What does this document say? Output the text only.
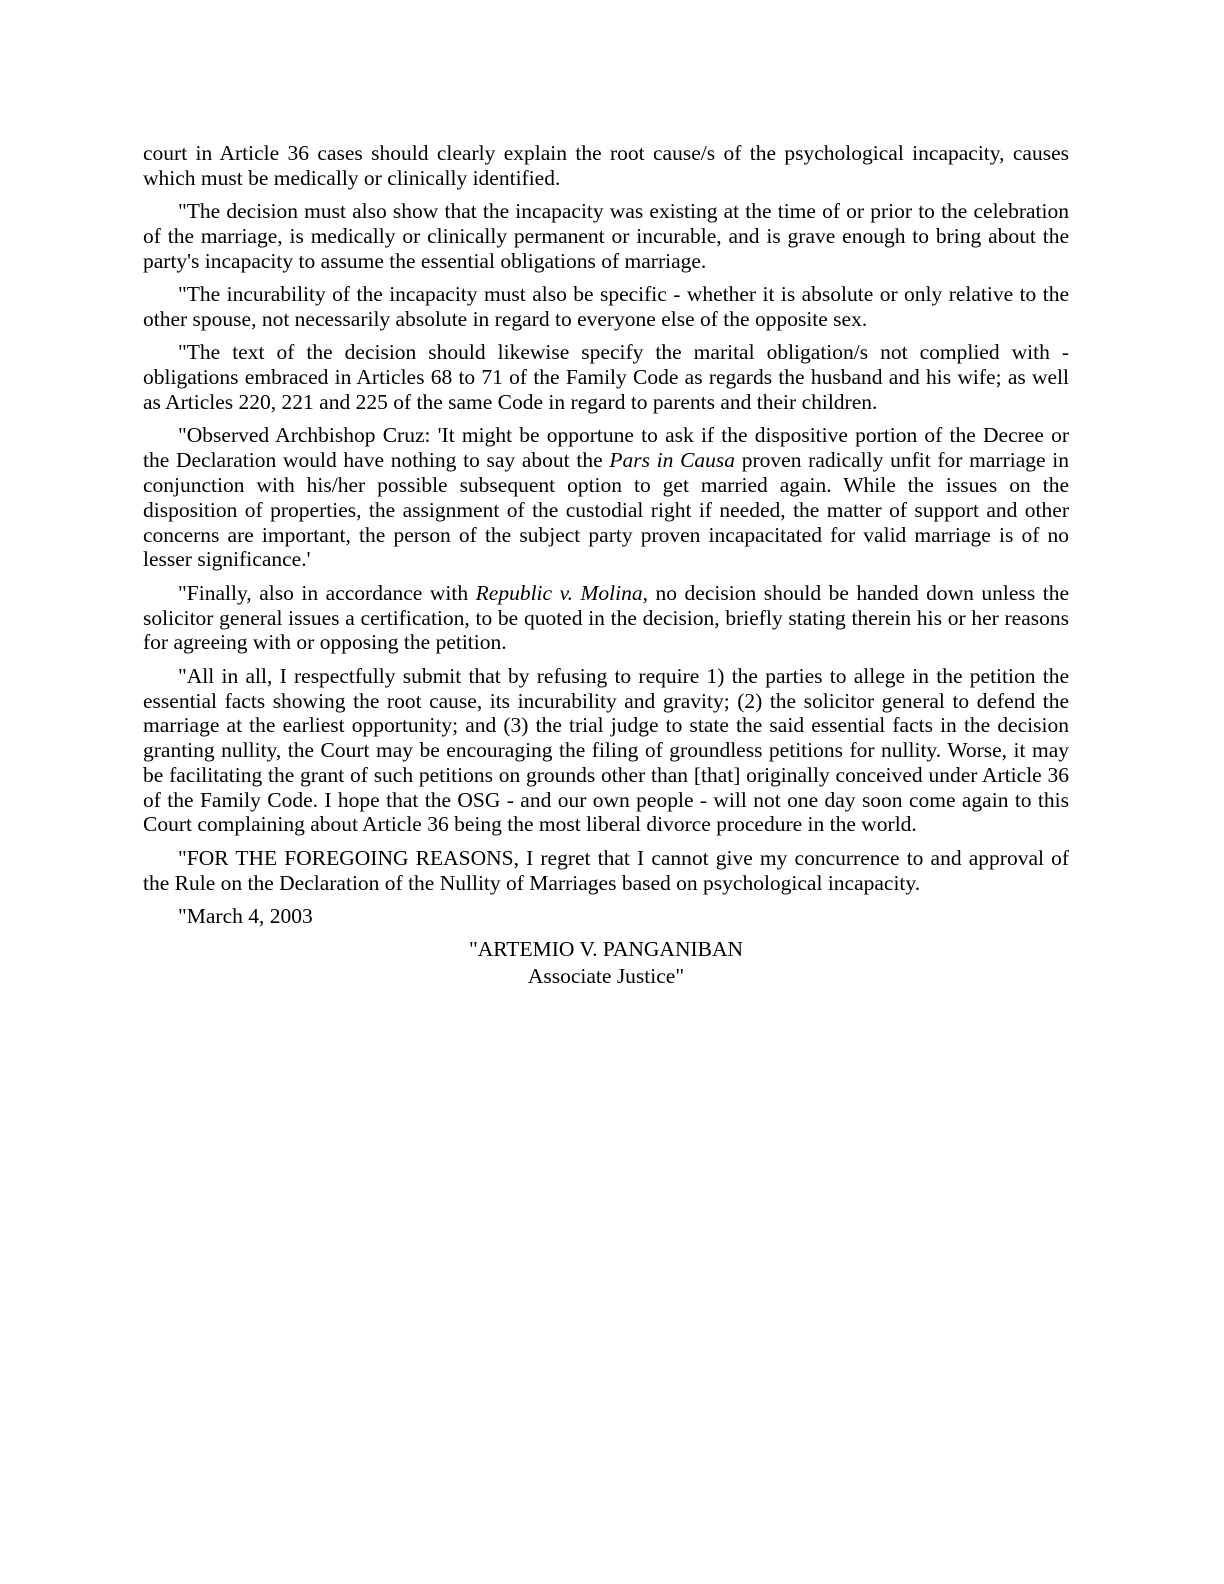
court in Article 36 cases should clearly explain the root cause/s of the psychological incapacity, causes which must be medically or clinically identified.

"The decision must also show that the incapacity was existing at the time of or prior to the celebration of the marriage, is medically or clinically permanent or incurable, and is grave enough to bring about the party's incapacity to assume the essential obligations of marriage.

"The incurability of the incapacity must also be specific - whether it is absolute or only relative to the other spouse, not necessarily absolute in regard to everyone else of the opposite sex.

"The text of the decision should likewise specify the marital obligation/s not complied with - obligations embraced in Articles 68 to 71 of the Family Code as regards the husband and his wife; as well as Articles 220, 221 and 225 of the same Code in regard to parents and their children.

"Observed Archbishop Cruz: 'It might be opportune to ask if the dispositive portion of the Decree or the Declaration would have nothing to say about the Pars in Causa proven radically unfit for marriage in conjunction with his/her possible subsequent option to get married again. While the issues on the disposition of properties, the assignment of the custodial right if needed, the matter of support and other concerns are important, the person of the subject party proven incapacitated for valid marriage is of no lesser significance.'

"Finally, also in accordance with Republic v. Molina, no decision should be handed down unless the solicitor general issues a certification, to be quoted in the decision, briefly stating therein his or her reasons for agreeing with or opposing the petition.

"All in all, I respectfully submit that by refusing to require 1) the parties to allege in the petition the essential facts showing the root cause, its incurability and gravity; (2) the solicitor general to defend the marriage at the earliest opportunity; and (3) the trial judge to state the said essential facts in the decision granting nullity, the Court may be encouraging the filing of groundless petitions for nullity. Worse, it may be facilitating the grant of such petitions on grounds other than [that] originally conceived under Article 36 of the Family Code. I hope that the OSG - and our own people - will not one day soon come again to this Court complaining about Article 36 being the most liberal divorce procedure in the world.

"FOR THE FOREGOING REASONS, I regret that I cannot give my concurrence to and approval of the Rule on the Declaration of the Nullity of Marriages based on psychological incapacity.

"March 4, 2003

"ARTEMIO V. PANGANIBAN
Associate Justice"
